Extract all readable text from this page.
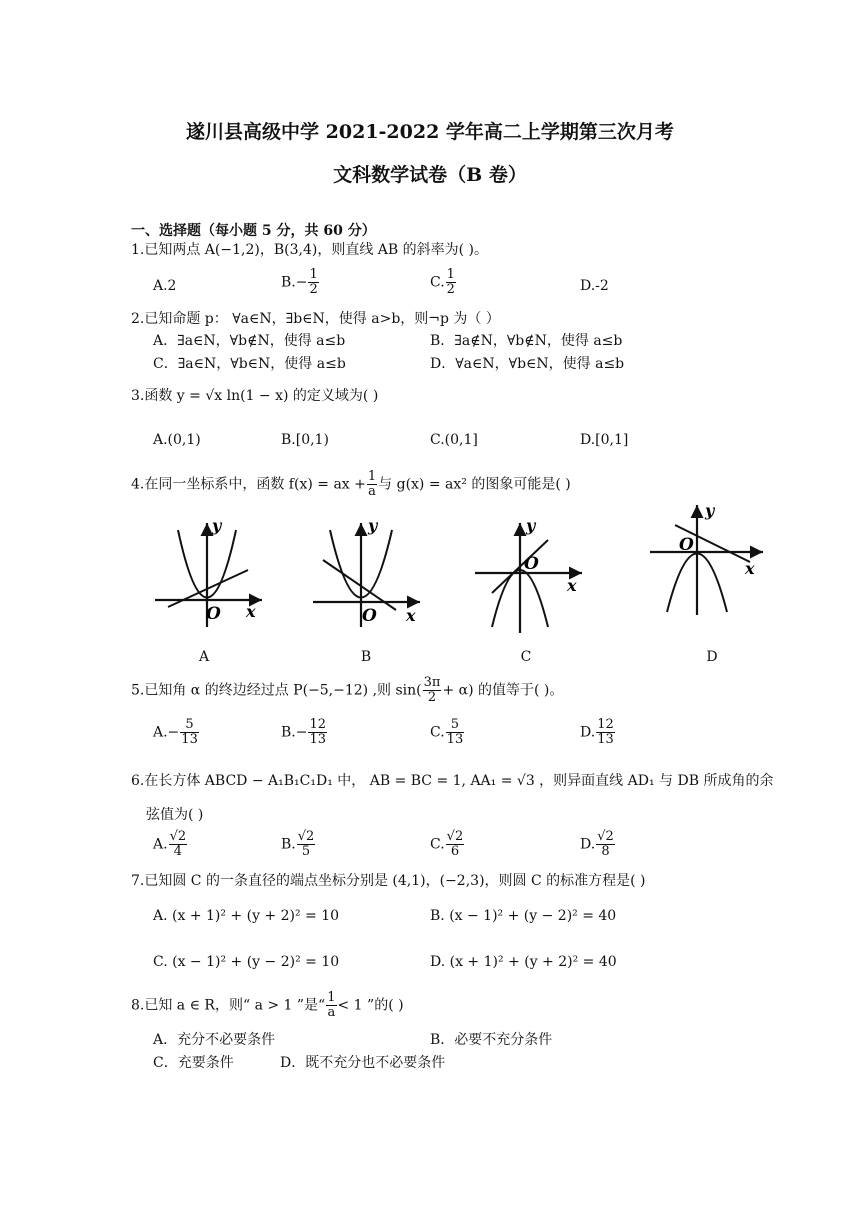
遂川县高级中学 2021-2022 学年高二上学期第三次月考
文科数学试卷（B 卷）
一、选择题（每小题 5 分，共 60 分）
1.已知两点 A(−1,2)，B(3,4)，则直线 AB 的斜率为( )。
A.2	$B.- \frac{1}{2}$	C. $\frac{1}{2}$	D.-2
2.已知命题 p： ∀a∈N，∃b∈N，使得 a>b，则¬p 为（ ）
A．∃a∈N，∀b∉N，使得 a≤b	B．∃a∉N，∀b∉N，使得 a≤b
C．∃a∈N，∀b∈N，使得 a≤b	D．∀a∈N，∀b∈N，使得 a≤b
3.函数 y = √x ln(1 − x) 的定义域为( )
A.(0,1)	B.[0,1)	C.(0,1]	D.[0,1]
4.在同一坐标系中，函数 f(x) = ax + $\frac{1}{a}$ 与 g(x) = ax² 的图象可能是( )
y
x
O
y
x
O
y
x
O
y
x
O
A	B	C	D
5.已知角 α 的终边经过点 P(−5,−12) ,则 $\sin( \frac{3\pi}{2} + \alpha)$ 的值等于( )。
$A.- \frac{5}{13}$	$B.- \frac{12}{13}$	C. $\frac{5}{13}$	D. $\frac{12}{13}$
6.在长方体 ABCD − A₁B₁C₁D₁ 中， AB = BC = 1, AA₁ = √3 ，则异面直线 AD₁ 与 DB 所成角的余
弦值为( )
A. $\frac{√2}{4}$	B. $\frac{√2}{5}$	C. $\frac{√2}{6}$	D. $\frac{√2}{8}$
7.已知圆 C 的一条直径的端点坐标分别是 (4,1)，(−2,3)，则圆 C 的标准方程是( )
A. (x + 1)² + (y + 2)² = 10	B. (x − 1)² + (y − 2)² = 40
C. (x − 1)² + (y − 2)² = 10	D. (x + 1)² + (y + 2)² = 40
8.已知 a ∈ R，则“ a > 1 ”是“ $\frac{1}{a} < 1$ ”的( )
A．充分不必要条件	B．必要不充分条件
C．充要条件	D．既不充分也不必要条件
